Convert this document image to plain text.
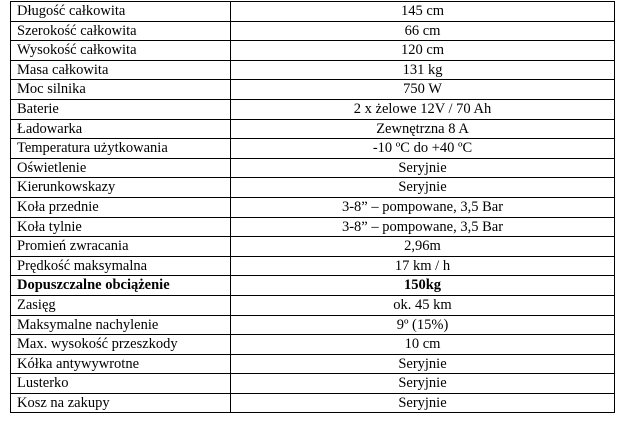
Długość całkowita	145 cm
Szerokość całkowita	66 cm
Wysokość całkowita	120 cm
Masa całkowita	131 kg
Moc silnika	750 W
Baterie	2 x żelowe 12V / 70 Ah
Ładowarka	Zewnętrzna 8 A
Temperatura użytkowania	-10 ºC do +40 ºC
Oświetlenie	Seryjnie
Kierunkowskazy	Seryjnie
Koła przednie	3-8” – pompowane, 3,5 Bar
Koła tylnie	3-8” – pompowane, 3,5 Bar
Promień zwracania	2,96m
Prędkość maksymalna	17 km / h
Dopuszczalne obciążenie	150kg
Zasięg	ok. 45 km
Maksymalne nachylenie	9º (15%)
Max. wysokość przeszkody	10 cm
Kółka antywywrotne	Seryjnie
Lusterko	Seryjnie
Kosz na zakupy	Seryjnie
